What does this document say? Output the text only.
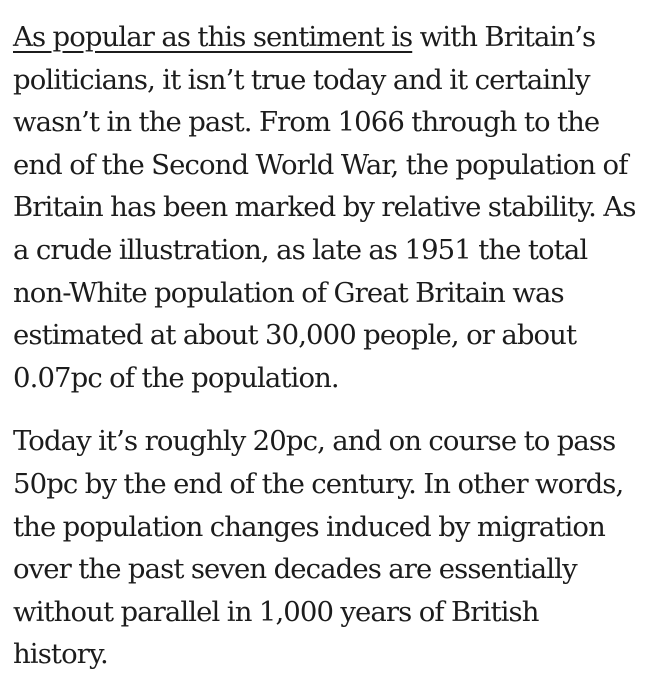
As popular as this sentiment is with Britain’s politicians, it isn’t true today and it certainly wasn’t in the past. From 1066 through to the end of the Second World War, the population of Britain has been marked by relative stability. As a crude illustration, as late as 1951 the total non-White population of Great Britain was estimated at about 30,000 people, or about 0.07pc of the population.

Today it’s roughly 20pc, and on course to pass 50pc by the end of the century. In other words, the population changes induced by migration over the past seven decades are essentially without parallel in 1,000 years of British history.
